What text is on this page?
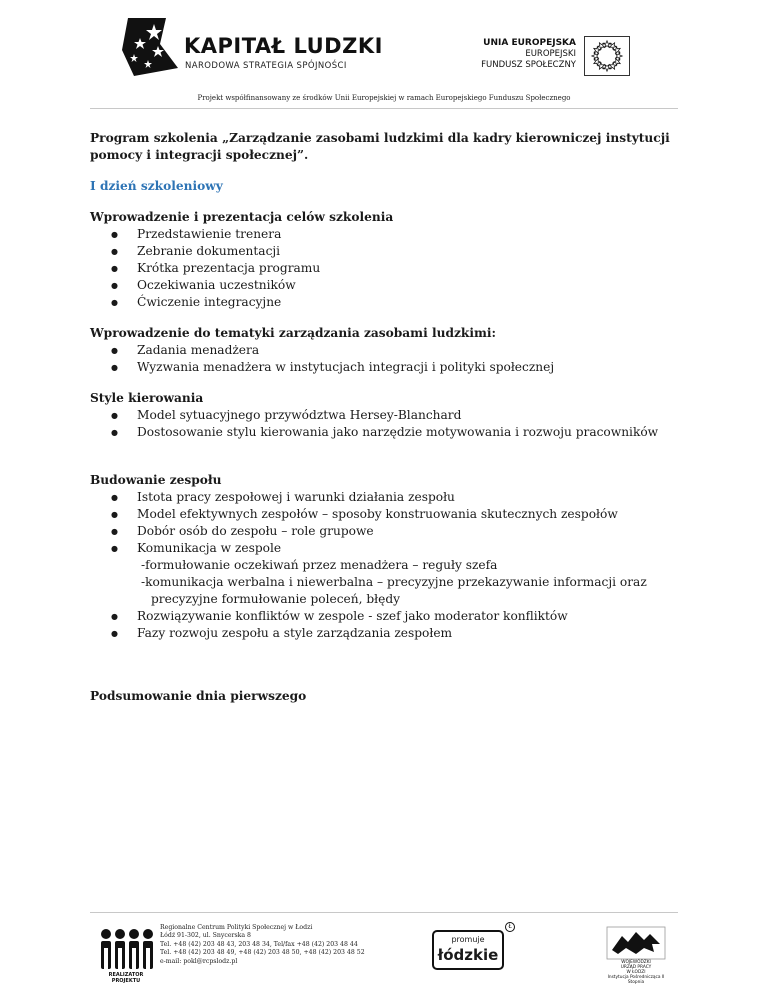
KAPITAŁ LUDZKI
NARODOWA STRATEGIA SPÓJNOŚCI
UNIA EUROPEJSKA
EUROPEJSKI
FUNDUSZ SPOŁECZNY
Projekt współfinansowany ze środków Unii Europejskiej w ramach Europejskiego Funduszu Społecznego
Program szkolenia „Zarządzanie zasobami ludzkimi dla kadry kierowniczej instytucji
pomocy i integracji społecznej”.
I dzień szkoleniowy
Wprowadzenie i prezentacja celów szkolenia
● Przedstawienie trenera
● Zebranie dokumentacji
● Krótka prezentacja programu
● Oczekiwania uczestników
● Ćwiczenie integracyjne
Wprowadzenie do tematyki zarządzania zasobami ludzkimi:
● Zadania menadżera
● Wyzwania menadżera w instytucjach integracji i polityki społecznej
Style kierowania
● Model sytuacyjnego przywództwa Hersey-Blanchard
● Dostosowanie stylu kierowania jako narzędzie motywowania i rozwoju pracowników
Budowanie zespołu
● Istota pracy zespołowej i warunki działania zespołu
● Model efektywnych zespołów – sposoby konstruowania skutecznych zespołów
● Dobór osób do zespołu – role grupowe
● Komunikacja w zespole
-formułowanie oczekiwań przez menadżera – reguły szefa
-komunikacja werbalna i niewerbalna – precyzyjne przekazywanie informacji oraz
precyzyjne formułowanie poleceń, błędy
● Rozwiązywanie konfliktów w zespole - szef jako moderator konfliktów
● Fazy rozwoju zespołu a style zarządzania zespołem
Podsumowanie dnia pierwszego
REALIZATOR PROJEKTU
Regionalne Centrum Polityki Społecznej w Łodzi
Łódź 91-302, ul. Snycerska 8
Tel. +48 (42) 203 48 43, 203 48 34, Tel/fax +48 (42) 203 48 44
Tel. +48 (42) 203 48 49, +48 (42) 203 48 50, +48 (42) 203 48 52
e-mail: pokl@rcpslodz.pl
promuje
łódzkie
Ł
WOJEWÓDZKI
URZĄD PRACY
W ŁODZI
Instytucja Pośrednicząca II Stopnia
